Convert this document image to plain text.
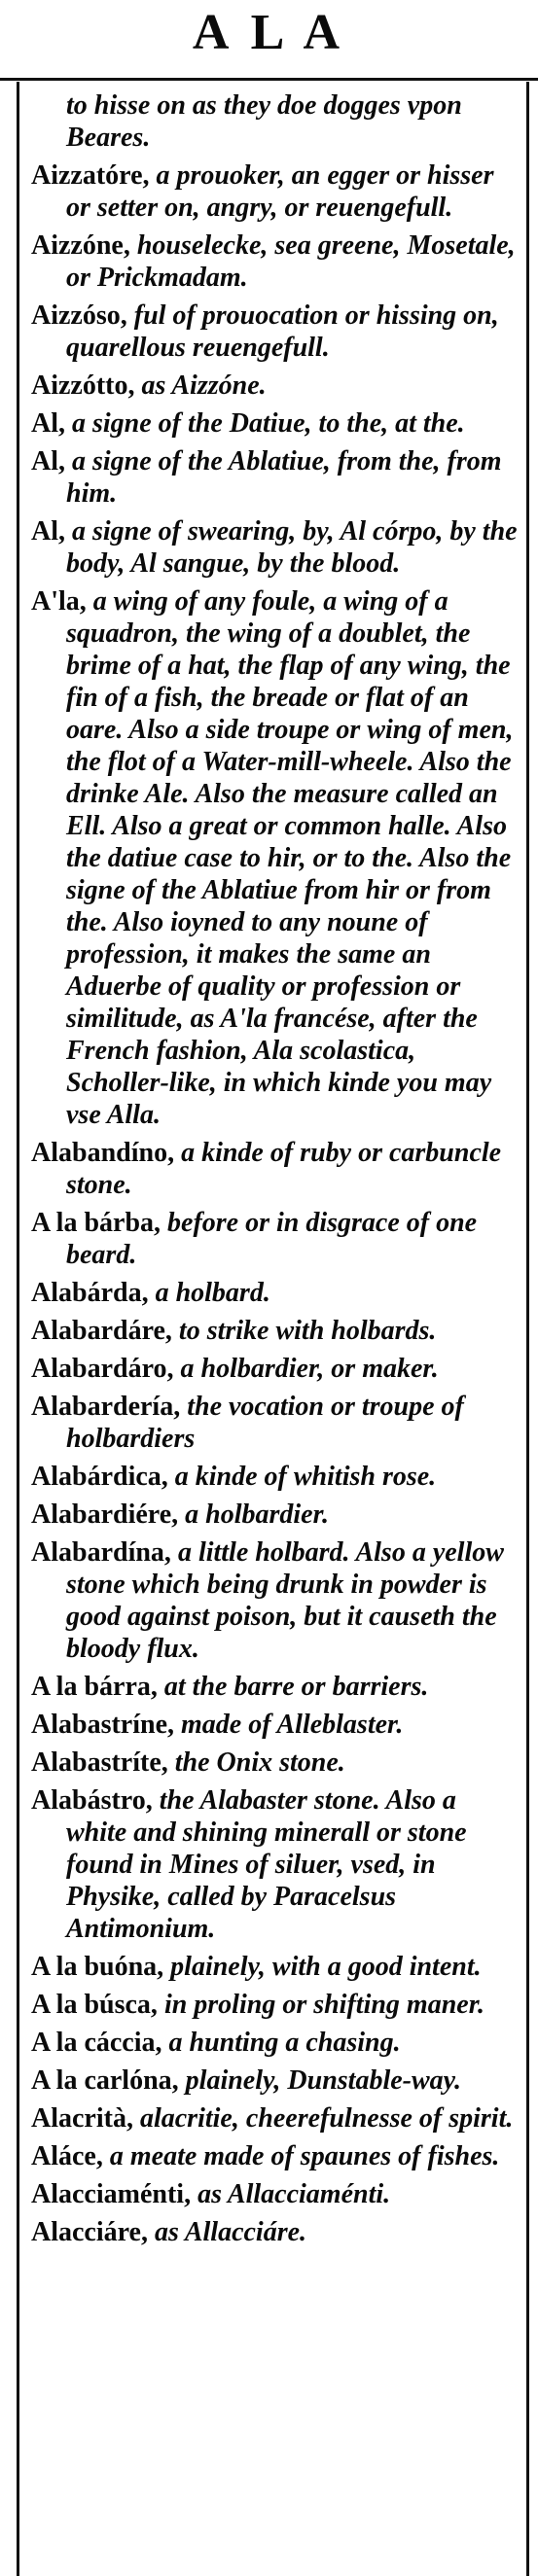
A L A
to hisse on as they doe dogges vpon Beares.
Aizzatóre, a prouoker, an egger or hisser or setter on, angry, or reuengefull.
Aizzóne, houselecke, sea greene, Mosetale, or Prickmadam.
Aizzóso, ful of prouocation or hissing on, quarellous reuengefull.
Aizzótto, as Aizzóne.
Al, a signe of the Datiue, to the, at the.
Al, a signe of the Ablatiue, from the, from him.
Al, a signe of swearing, by, Al córpo, by the body, Al sangue, by the blood.
A'la, a wing of any foule, a wing of a squadron, the wing of a doublet, the brime of a hat, the flap of any wing, the fin of a fish, the breade or flat of an oare. Also a side troupe or wing of men, the flot of a Water-mill-wheele. Also the drinke Ale. Also the measure called an Ell. Also a great or common halle. Also the datiue case to hir, or to the. Also the signe of the Ablatiue from hir or from the. Also ioyned to any noune of profession, it makes the same an Aduerbe of quality or profession or similitude, as A'la francése, after the French fashion, Ala scolastica, Scholler-like, in which kinde you may vse Alla.
Alabandíno, a kinde of ruby or carbuncle stone.
A la bárba, before or in disgrace of one beard.
Alabárda, a holbard.
Alabardáre, to strike with holbards.
Alabardáro, a holbardier, or maker.
Alabardería, the vocation or troupe of holbardiers
Alabárdica, a kinde of whitish rose.
Alabardiére, a holbardier.
Alabardína, a little holbard. Also a yellow stone which being drunk in powder is good against poison, but it causeth the bloody flux.
A la bárra, at the barre or barriers.
Alabastríne, made of Alleblaster.
Alabastríte, the Onix stone.
Alabástro, the Alabaster stone. Also a white and shining minerall or stone found in Mines of siluer, vsed, in Physike, called by Paracelsus Antimonium.
A la buóna, plainely, with a good intent.
A la búsca, in proling or shifting maner.
A la cáccia, a hunting a chasing.
A la carlóna, plainely, Dunstable-way.
Alacrità, alacritie, cheerefulnesse of spirit.
Aláce, a meate made of spaunes of fishes.
Alacciaménti, as Allacciaménti.
Alacciáre, as Allacciáre.
